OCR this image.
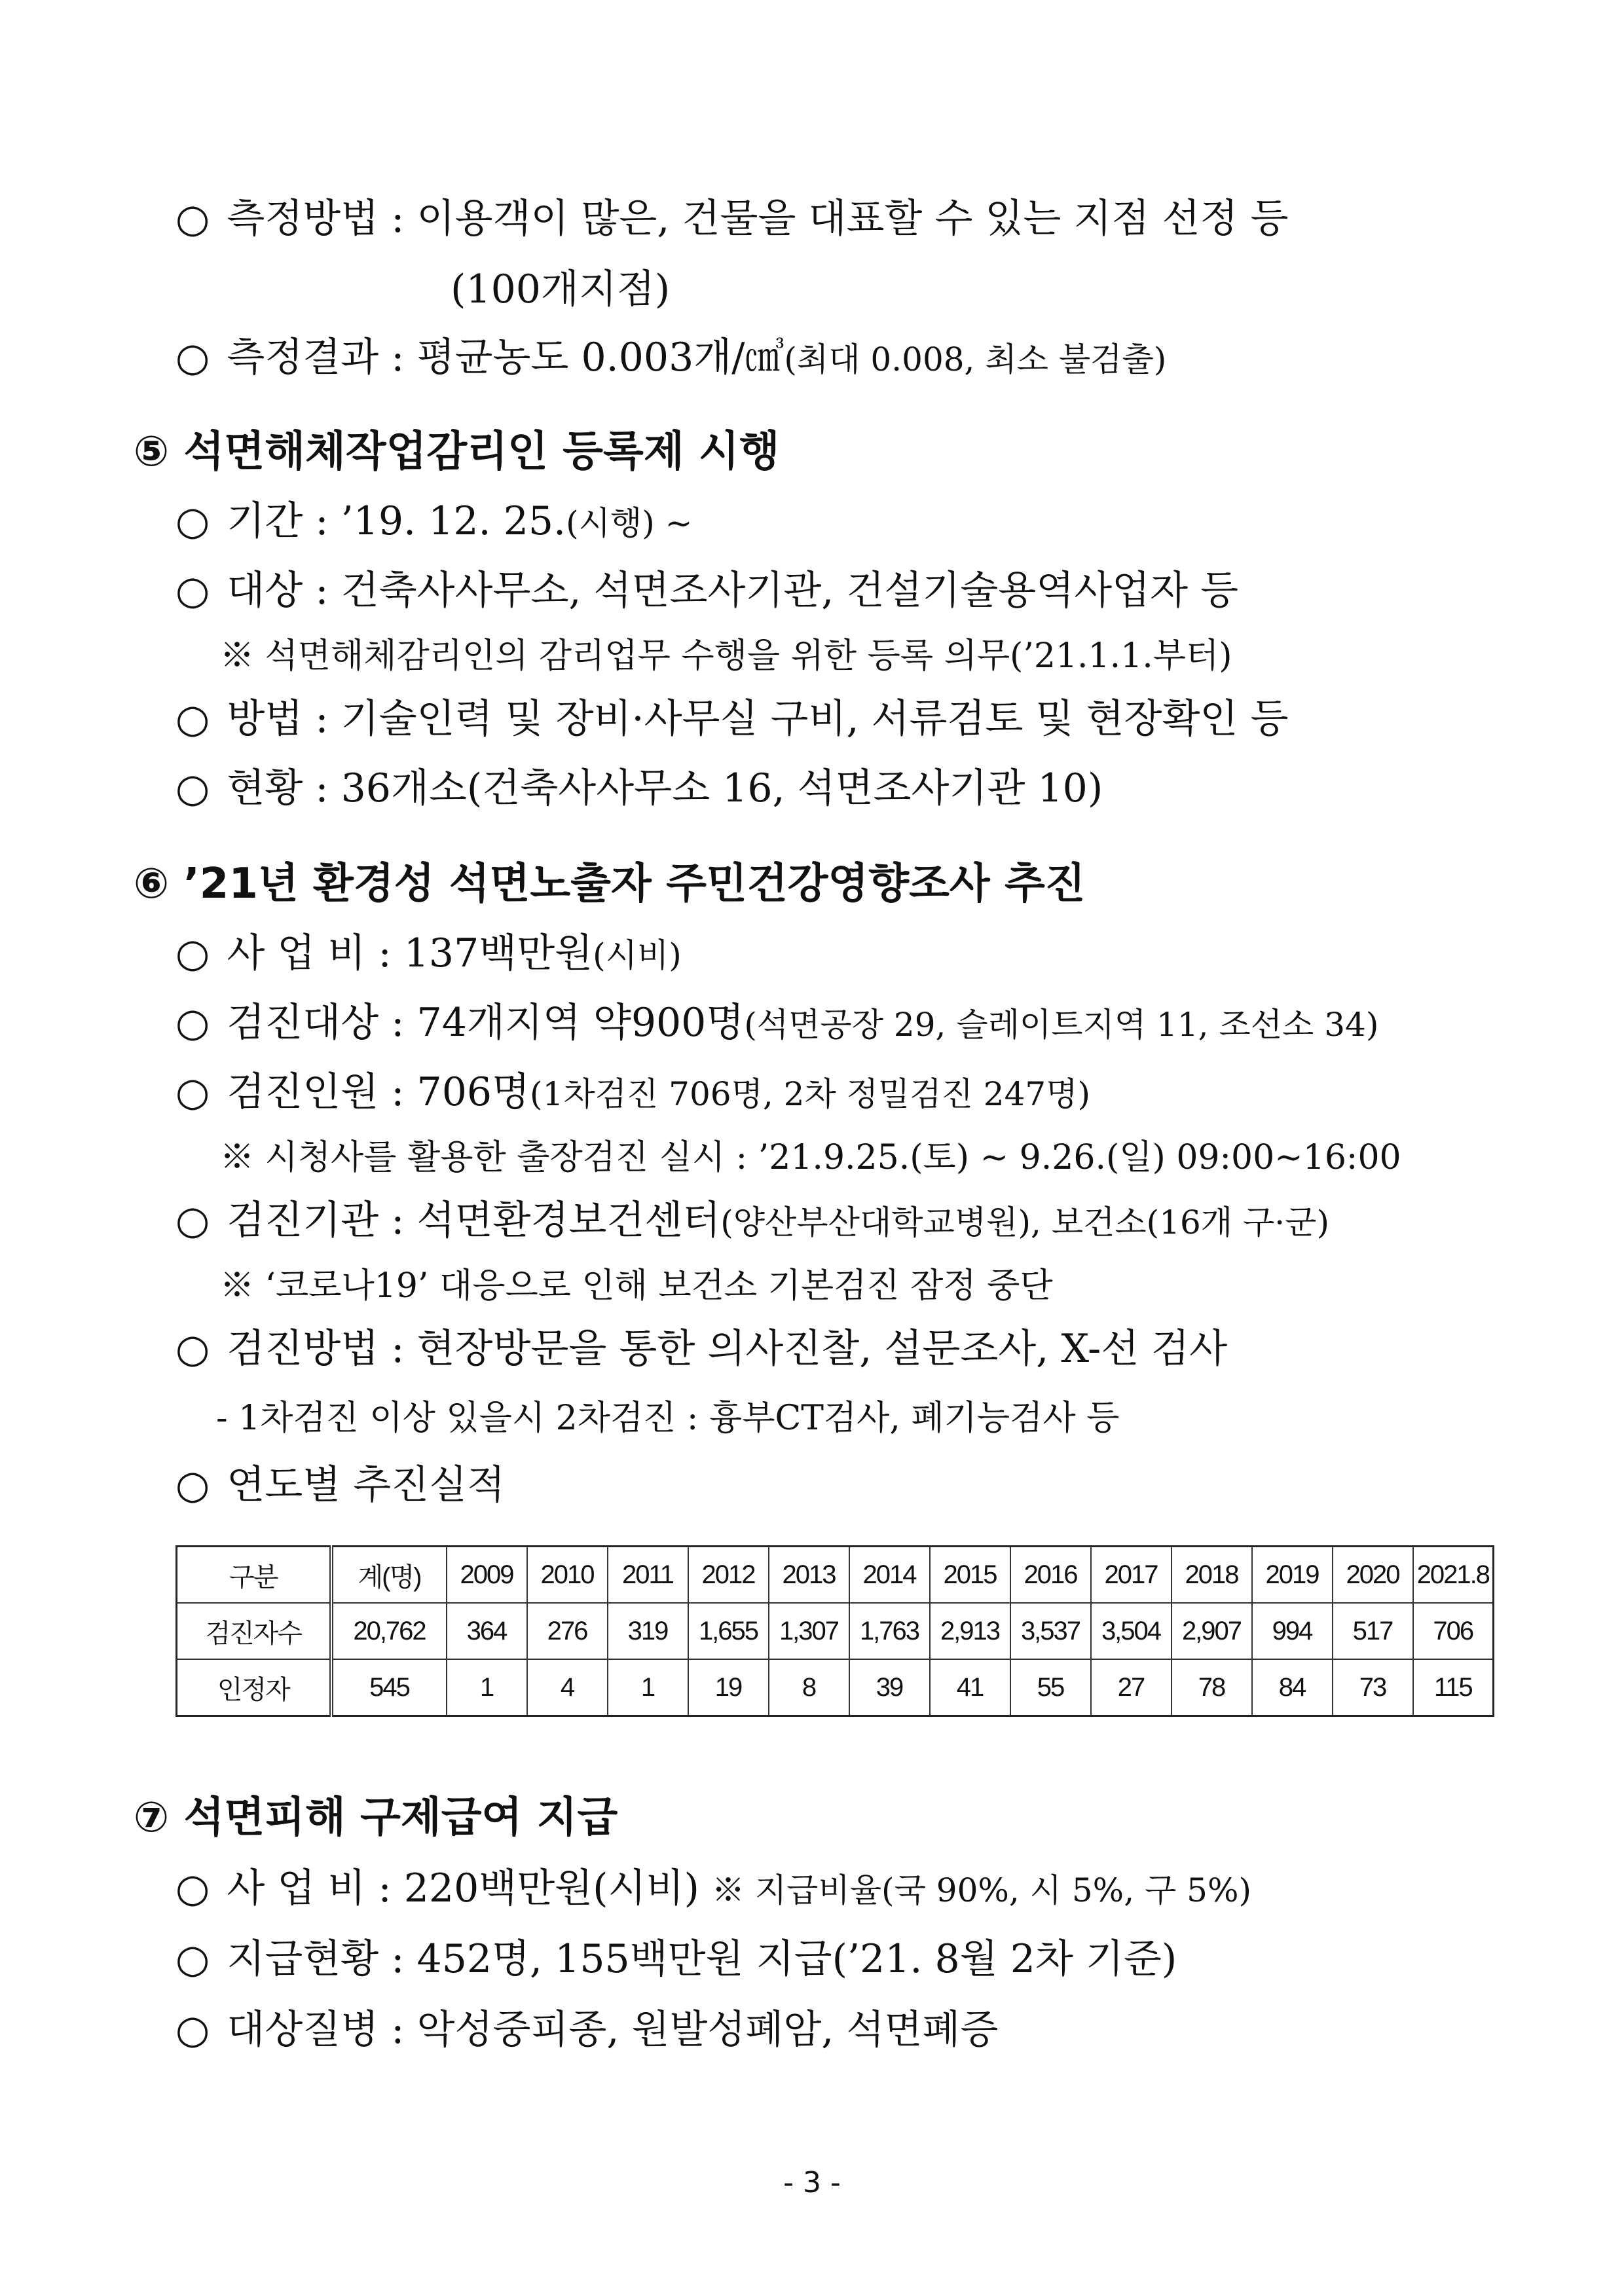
○ 측정방법 : 이용객이 많은, 건물을 대표할 수 있는 지점 선정 등
(100개지점)
○ 측정결과 : 평균농도 0.003개/㎤(최대 0.008, 최소 불검출)
⑤ 석면해체작업감리인 등록제 시행
○ 기간 : ’19. 12. 25.(시행) ~
○ 대상 : 건축사사무소, 석면조사기관, 건설기술용역사업자 등
※ 석면해체감리인의 감리업무 수행을 위한 등록 의무(’21.1.1.부터)
○ 방법 : 기술인력 및 장비·사무실 구비, 서류검토 및 현장확인 등
○ 현황 : 36개소(건축사사무소 16, 석면조사기관 10)
⑥ ’21년 환경성 석면노출자 주민건강영향조사 추진
○ 사 업 비 : 137백만원(시비)
○ 검진대상 : 74개지역 약900명(석면공장 29, 슬레이트지역 11, 조선소 34)
○ 검진인원 : 706명(1차검진 706명, 2차 정밀검진 247명)
※ 시청사를 활용한 출장검진 실시 : ’21.9.25.(토) ~ 9.26.(일) 09:00~16:00
○ 검진기관 : 석면환경보건센터(양산부산대학교병원), 보건소(16개 구·군)
※ ‘코로나19’ 대응으로 인해 보건소 기본검진 잠정 중단
○ 검진방법 : 현장방문을 통한 의사진찰, 설문조사, X-선 검사
- 1차검진 이상 있을시 2차검진 : 흉부CT검사, 폐기능검사 등
○ 연도별 추진실적
구분	계(명)	2009	2010	2011	2012	2013	2014	2015	2016	2017	2018	2019	2020	2021.8
검진자수	20,762	364	276	319	1,655	1,307	1,763	2,913	3,537	3,504	2,907	994	517	706
인정자	545	1	4	1	19	8	39	41	55	27	78	84	73	115
⑦ 석면피해 구제급여 지급
○ 사 업 비 : 220백만원(시비) ※ 지급비율(국 90%, 시 5%, 구 5%)
○ 지급현황 : 452명, 155백만원 지급(’21. 8월 2차 기준)
○ 대상질병 : 악성중피종, 원발성폐암, 석면폐증
- 3 -
